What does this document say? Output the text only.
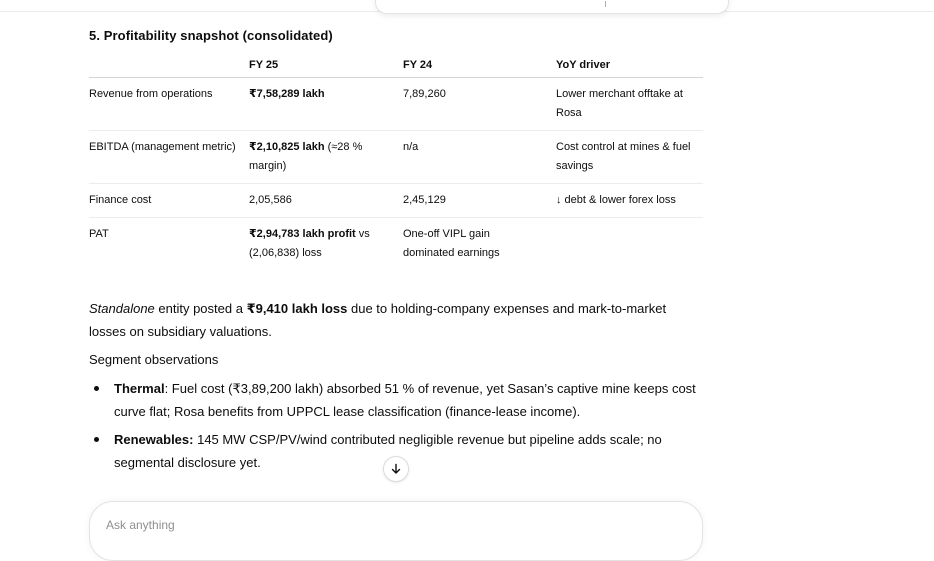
5. Profitability snapshot (consolidated)
	FY 25	FY 24	YoY driver
Revenue from operations	₹7,58,289 lakh	7,89,260	Lower merchant offtake at Rosa
EBITDA (management metric)	₹2,10,825 lakh (≈28 % margin)	n/a	Cost control at mines & fuel savings
Finance cost	2,05,586	2,45,129	↓ debt & lower forex loss
PAT	₹2,94,783 lakh profit vs (2,06,838) loss	One-off VIPL gain dominated earnings	

Standalone entity posted a ₹9,410 lakh loss due to holding-company expenses and mark-to-market losses on subsidiary valuations.

Segment observations

Thermal: Fuel cost (₹3,89,200 lakh) absorbed 51 % of revenue, yet Sasan’s captive mine keeps cost curve flat; Rosa benefits from UPPCL lease classification (finance-lease income).
Renewables: 145 MW CSP/PV/wind contributed negligible revenue but pipeline adds scale; no segmental disclosure yet.
Ask anything
